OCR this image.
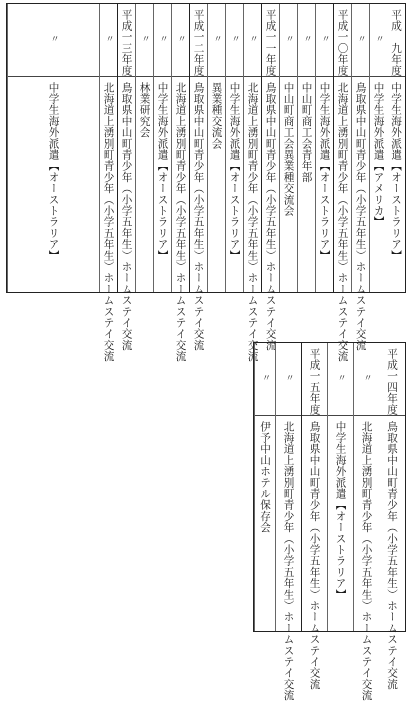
平成　九年度
中学生海外派遣【オーストラリア】
〃
中学生海外派遣【アメリカ】
〃
鳥取県中山町青少年（小学五年生）ホームステイ交流
平成一〇年度
北海道上湧別町青少年（小学五年生）ホームステイ交流
〃
中学生海外派遣【オーストラリア】
〃
中山町商工会青年部
〃
中山町商工会異業種交流会
平成一一年度
鳥取県中山町青少年（小学五年生）ホームステイ交流
〃
北海道上湧別町青少年（小学五年生）ホームステイ交流
〃
中学生海外派遣【オーストラリア】
〃
異業種交流会
平成一二年度
鳥取県中山町青少年（小学五年生）ホームステイ交流
〃
北海道上湧別町青少年（小学五年生）ホームステイ交流
〃
中学生海外派遣【オーストラリア】
〃
林業研究会
平成一三年度
鳥取県中山町青少年（小学五年生）ホームステイ交流
〃
北海道上湧別町青少年（小学五年生）ホームステイ交流
〃
中学生海外派遣【オーストラリア】
平成一四年度
鳥取県中山町青少年（小学五年生）ホームステイ交流
〃
北海道上湧別町青少年（小学五年生）ホームステイ交流
〃
中学生海外派遣【オーストラリア】
平成一五年度
鳥取県中山町青少年（小学五年生）ホームステイ交流
〃
北海道上湧別町青少年（小学五年生）ホームステイ交流
〃
伊予中山ホテル保存会
